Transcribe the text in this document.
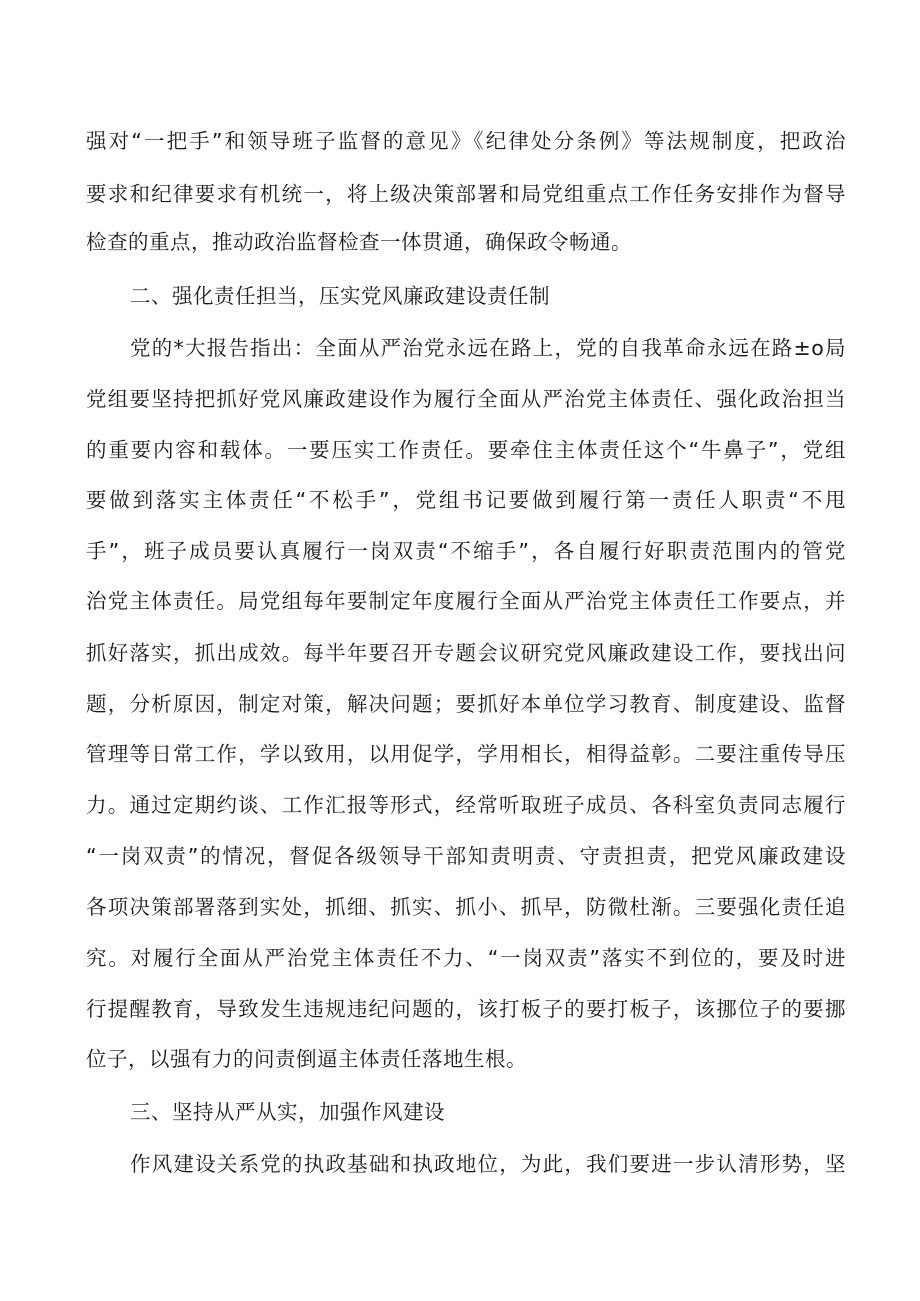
强对“一把手”和领导班子监督的意见》《纪律处分条例》等法规制度，把政治
要求和纪律要求有机统一，将上级决策部署和局党组重点工作任务安排作为督导
检查的重点，推动政治监督检查一体贯通，确保政令畅通。
二、强化责任担当，压实党风廉政建设责任制
党的*大报告指出：全面从严治党永远在路上，党的自我革命永远在路±o局
党组要坚持把抓好党风廉政建设作为履行全面从严治党主体责任、强化政治担当
的重要内容和载体。一要压实工作责任。要牵住主体责任这个“牛鼻子”，党组
要做到落实主体责任“不松手”，党组书记要做到履行第一责任人职责“不甩
手”，班子成员要认真履行一岗双责“不缩手”，各自履行好职责范围内的管党
治党主体责任。局党组每年要制定年度履行全面从严治党主体责任工作要点，并
抓好落实，抓出成效。每半年要召开专题会议研究党风廉政建设工作，要找出问
题，分析原因，制定对策，解决问题；要抓好本单位学习教育、制度建设、监督
管理等日常工作，学以致用，以用促学，学用相长，相得益彰。二要注重传导压
力。通过定期约谈、工作汇报等形式，经常听取班子成员、各科室负责同志履行
“一岗双责”的情况，督促各级领导干部知责明责、守责担责，把党风廉政建设
各项决策部署落到实处，抓细、抓实、抓小、抓早，防微杜渐。三要强化责任追
究。对履行全面从严治党主体责任不力、“一岗双责”落实不到位的，要及时进
行提醒教育，导致发生违规违纪问题的，该打板子的要打板子，该挪位子的要挪
位子，以强有力的问责倒逼主体责任落地生根。
三、坚持从严从实，加强作风建设
作风建设关系党的执政基础和执政地位，为此，我们要进一步认清形势，坚
